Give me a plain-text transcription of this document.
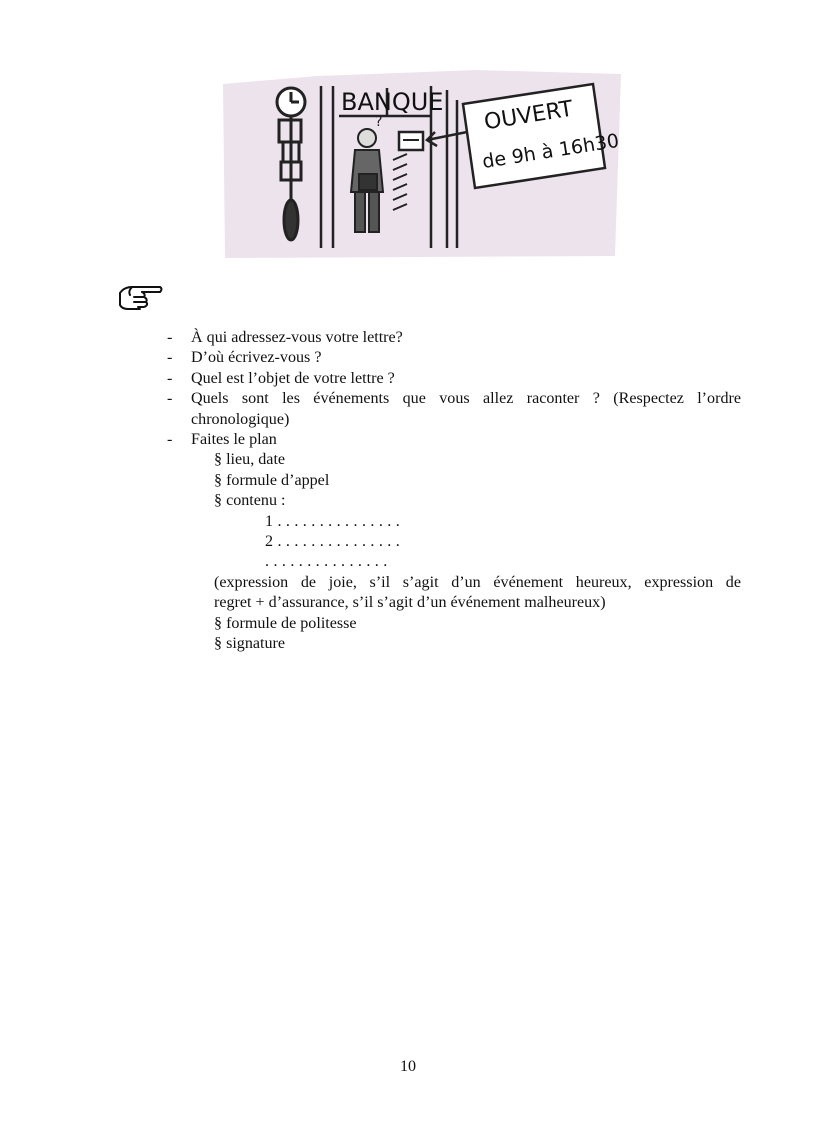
BANQUE
?	OUVERT
de 9h à 16h30
- À qui adressez-vous votre lettre?
- D’où écrivez-vous ?
- Quel est l’objet de votre lettre ?
- Quels sont les événements que vous allez raconter ? (Respectez l’ordre
chronologique)
- Faites le plan
§ lieu, date
§ formule d’appel
§ contenu :
1 . . . . . . . . . . . . . . .
2 . . . . . . . . . . . . . . .
. . . . . . . . . . . . . . .
(expression de joie, s’il s’agit d’un événement heureux, expression de
regret + d’assurance, s’il s’agit d’un événement malheureux)
§ formule de politesse
§ signature
10
